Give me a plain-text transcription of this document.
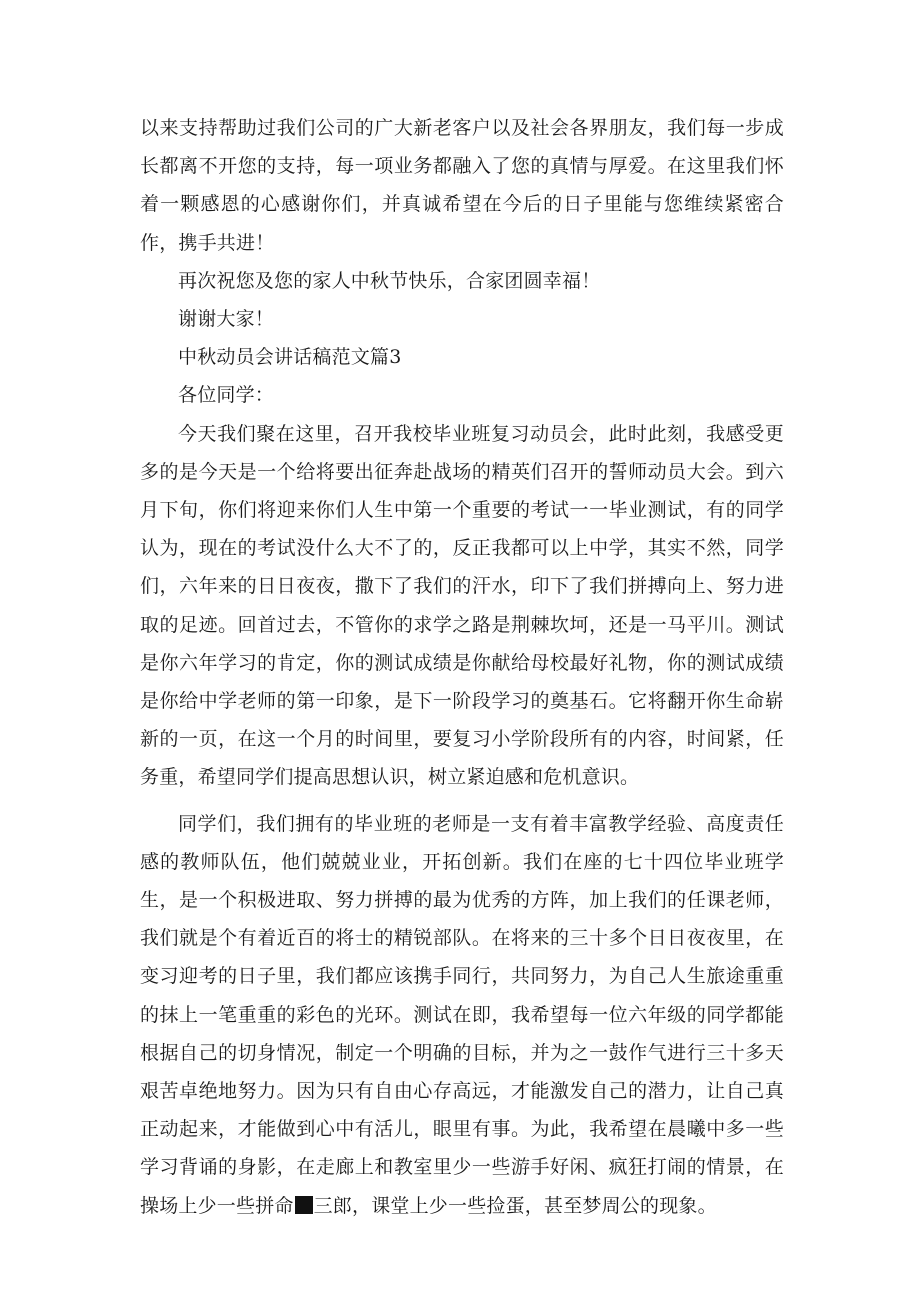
以来支持帮助过我们公司的广大新老客户以及社会各界朋友，我们每一步成长都离不开您的支持，每一项业务都融入了您的真情与厚爱。在这里我们怀着一颗感恩的心感谢你们，并真诚希望在今后的日子里能与您维续紧密合作，携手共进！

再次祝您及您的家人中秋节快乐，合家团圆幸福！

谢谢大家！

中秋动员会讲话稿范文篇3

各位同学：

今天我们聚在这里，召开我校毕业班复习动员会，此时此刻，我感受更多的是今天是一个给将要出征奔赴战场的精英们召开的誓师动员大会。到六月下旬，你们将迎来你们人生中第一个重要的考试一一毕业测试，有的同学认为，现在的考试没什么大不了的，反正我都可以上中学，其实不然，同学们，六年来的日日夜夜，撒下了我们的汗水，印下了我们拼搏向上、努力进取的足迹。回首过去，不管你的求学之路是荆棘坎坷，还是一马平川。测试是你六年学习的肯定，你的测试成绩是你献给母校最好礼物，你的测试成绩是你给中学老师的第一印象，是下一阶段学习的奠基石。它将翻开你生命崭新的一页，在这一个月的时间里，要复习小学阶段所有的内容，时间紧，任务重，希望同学们提高思想认识，树立紧迫感和危机意识。

同学们，我们拥有的毕业班的老师是一支有着丰富教学经验、高度责任感的教师队伍，他们兢兢业业，开拓创新。我们在座的七十四位毕业班学生，是一个积极进取、努力拼搏的最为优秀的方阵，加上我们的任课老师，我们就是个有着近百的将士的精锐部队。在将来的三十多个日日夜夜里，在变习迎考的日子里，我们都应该携手同行，共同努力，为自己人生旅途重重的抹上一笔重重的彩色的光环。测试在即，我希望每一位六年级的同学都能根据自己的切身情况，制定一个明确的目标，并为之一鼓作气进行三十多天艰苦卓绝地努力。因为只有自由心存高远，才能激发自己的潜力，让自己真正动起来，才能做到心中有活儿，眼里有事。为此，我希望在晨曦中多一些学习背诵的身影，在走廊上和教室里少一些游手好闲、疯狂打闹的情景，在操场上少一些拼命 三郎，课堂上少一些捡蛋，甚至梦周公的现象。
